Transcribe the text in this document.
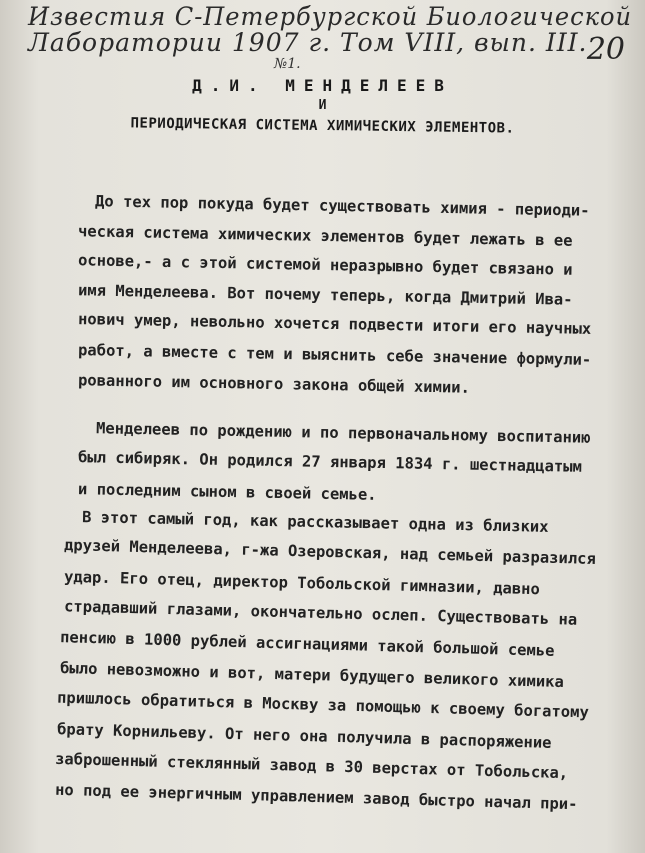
Известия С-Петербургской Биологической
Лаборатории 1907 г. Том VIII, вып. III.
№1.	20
Д.И. МЕНДЕЛЕЕВ
И
ПЕРИОДИЧЕСКАЯ СИСТЕМА ХИМИЧЕСКИХ ЭЛЕМЕНТОВ.
До тех пор покуда будет существовать химия - периоди-
ческая система химических элементов будет лежать в ее
основе,- а с этой системой неразрывно будет связано и
имя Менделеева. Вот почему теперь, когда Дмитрий Ива-
нович умер, невольно хочется подвести итоги его научных
работ, а вместе с тем и выяснить себе значение формули-
рованного им основного закона общей химии.
Менделеев по рождению и по первоначальному воспитанию
был сибиряк. Он родился 27 января 1834 г. шестнадцатым
и последним сыном в своей семье.
В этот самый год, как рассказывает одна из близких
друзей Менделеева, г-жа Озеровская, над семьей разразился
удар. Его отец, директор Тобольской гимназии, давно
страдавший глазами, окончательно ослеп. Существовать на
пенсию в 1000 рублей ассигнациями такой большой семье
было невозможно и вот, матери будущего великого химика
пришлось обратиться в Москву за помощью к своему богатому
брату Корнильеву. От него она получила в распоряжение
заброшенный стеклянный завод в 30 верстах от Тобольска,
но под ее энергичным управлением завод быстро начал при-
